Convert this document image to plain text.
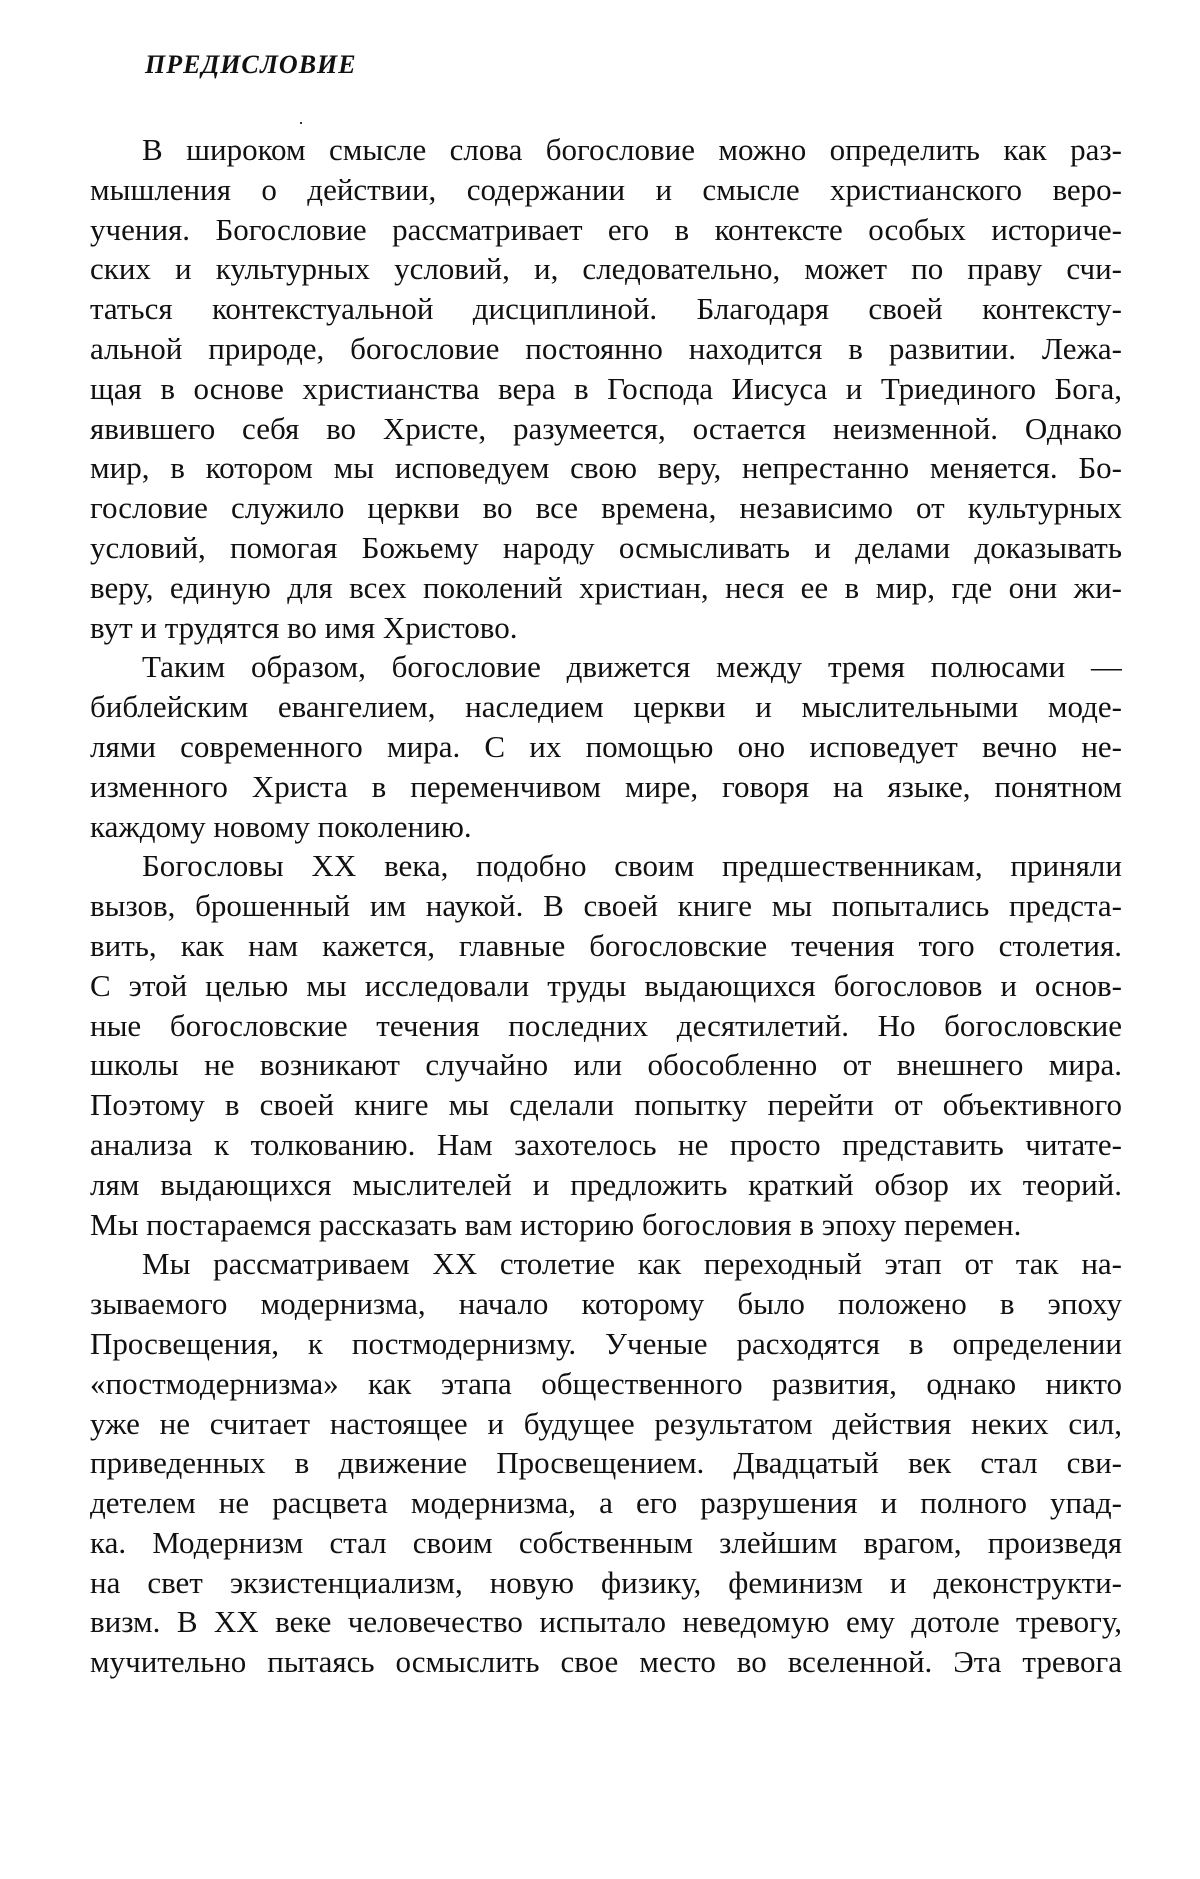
ПРЕДИСЛОВИЕ
В широком смысле слова богословие можно определить как раз-
мышления о действии, содержании и смысле христианского веро-
учения. Богословие рассматривает его в контексте особых историче-
ских и культурных условий, и, следовательно, может по праву счи-
таться контекстуальной дисциплиной. Благодаря своей контексту-
альной природе, богословие постоянно находится в развитии. Лежа-
щая в основе христианства вера в Господа Иисуса и Триединого Бога,
явившего себя во Христе, разумеется, остается неизменной. Однако
мир, в котором мы исповедуем свою веру, непрестанно меняется. Бо-
гословие служило церкви во все времена, независимо от культурных
условий, помогая Божьему народу осмысливать и делами доказывать
веру, единую для всех поколений христиан, неся ее в мир, где они жи-
вут и трудятся во имя Христово.
Таким образом, богословие движется между тремя полюсами —
библейским евангелием, наследием церкви и мыслительными моде-
лями современного мира. С их помощью оно исповедует вечно не-
изменного Христа в переменчивом мире, говоря на языке, понятном
каждому новому поколению.
Богословы XX века, подобно своим предшественникам, приняли
вызов, брошенный им наукой. В своей книге мы попытались предста-
вить, как нам кажется, главные богословские течения того столетия.
С этой целью мы исследовали труды выдающихся богословов и основ-
ные богословские течения последних десятилетий. Но богословские
школы не возникают случайно или обособленно от внешнего мира.
Поэтому в своей книге мы сделали попытку перейти от объективного
анализа к толкованию. Нам захотелось не просто представить читате-
лям выдающихся мыслителей и предложить краткий обзор их теорий.
Мы постараемся рассказать вам историю богословия в эпоху перемен.
Мы рассматриваем XX столетие как переходный этап от так на-
зываемого модернизма, начало которому было положено в эпоху
Просвещения, к постмодернизму. Ученые расходятся в определении
«постмодернизма» как этапа общественного развития, однако никто
уже не считает настоящее и будущее результатом действия неких сил,
приведенных в движение Просвещением. Двадцатый век стал сви-
детелем не расцвета модернизма, а его разрушения и полного упад-
ка. Модернизм стал своим собственным злейшим врагом, произведя
на свет экзистенциализм, новую физику, феминизм и деконструкти-
визм. В XX веке человечество испытало неведомую ему дотоле тревогу,
мучительно пытаясь осмыслить свое место во вселенной. Эта тревога
